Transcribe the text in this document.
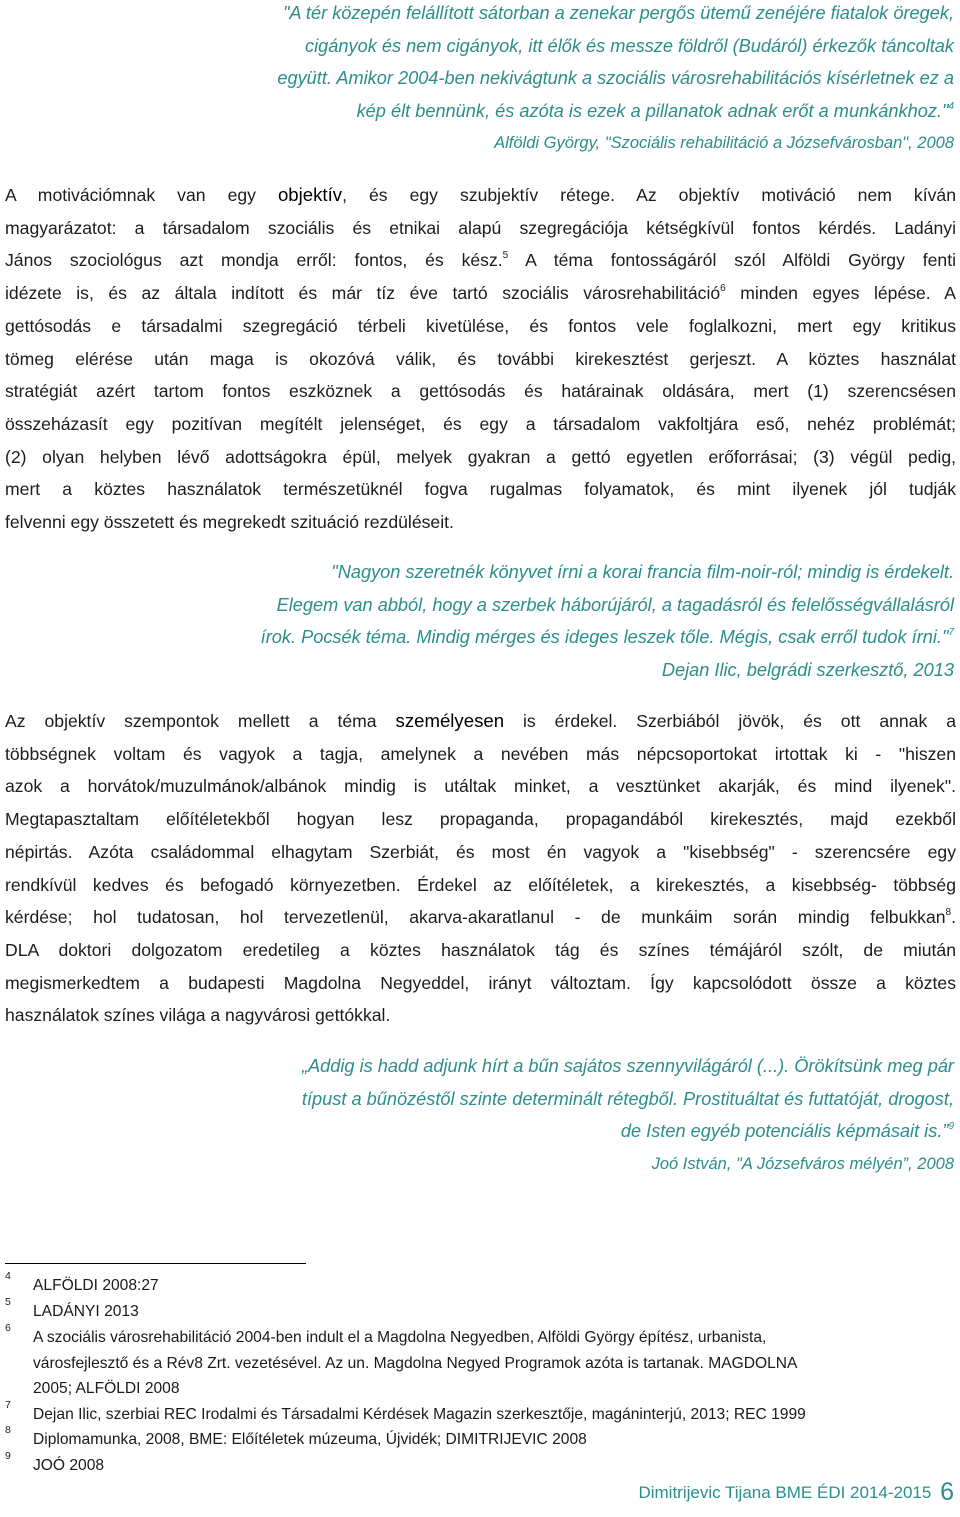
"A tér közepén felállított sátorban a zenekar pergős ütemű zenéjére fiatalok öregek,
cigányok és nem cigányok, itt élők és messze földről (Budáról) érkezők táncoltak
együtt. Amikor 2004-ben nekivágtunk a szociális városrehabilitációs kísérletnek ez a
kép élt bennünk, és azóta is ezek a pillanatok adnak erőt a munkánkhoz."$^4$
Alföldi György, "Szociális rehabilitáció a Józsefvárosban", 2008
A motivációmnak van egy objektív, és egy szubjektív rétege. Az objektív motiváció nem kíván
magyarázatot: a társadalom szociális és etnikai alapú szegregációja kétségkívül fontos kérdés. Ladányi
János szociológus azt mondja erről: fontos, és kész.$^5$ A téma fontosságáról szól Alföldi György fenti
idézete is, és az általa indított és már tíz éve tartó szociális városrehabilitáció$^6$ minden egyes lépése. A
gettósodás e társadalmi szegregáció térbeli kivetülése, és fontos vele foglalkozni, mert egy kritikus
tömeg elérése után maga is okozóvá válik, és további kirekesztést gerjeszt. A köztes használat
stratégiát azért tartom fontos eszköznek a gettósodás és határainak oldására, mert (1) szerencsésen
összeházasít egy pozitívan megítélt jelenséget, és egy a társadalom vakfoltjára eső, nehéz problémát;
(2) olyan helyben lévő adottságokra épül, melyek gyakran a gettó egyetlen erőforrásai; (3) végül pedig,
mert a köztes használatok természetüknél fogva rugalmas folyamatok, és mint ilyenek jól tudják
felvenni egy összetett és megrekedt szituáció rezdüléseit.
"Nagyon szeretnék könyvet írni a korai francia film-noir-ról; mindig is érdekelt.
Elegem van abból, hogy a szerbek háborújáról, a tagadásról és felelősségvállalásról
írok. Pocsék téma. Mindig mérges és ideges leszek tőle. Mégis, csak erről tudok írni."$^7$
Dejan Ilic, belgrádi szerkesztő, 2013
Az objektív szempontok mellett a téma személyesen is érdekel. Szerbiából jövök, és ott annak a
többségnek voltam és vagyok a tagja, amelynek a nevében más népcsoportokat irtottak ki - "hiszen
azok a horvátok/muzulmánok/albánok mindig is utáltak minket, a vesztünket akarják, és mind ilyenek".
Megtapasztaltam előítéletekből hogyan lesz propaganda, propagandából kirekesztés, majd ezekből
népirtás. Azóta családommal elhagytam Szerbiát, és most én vagyok a "kisebbség" - szerencsére egy
rendkívül kedves és befogadó környezetben. Érdekel az előítéletek, a kirekesztés, a kisebbség- többség
kérdése; hol tudatosan, hol tervezetlenül, akarva-akaratlanul - de munkáim során mindig felbukkan$^8$.
DLA doktori dolgozatom eredetileg a köztes használatok tág és színes témájáról szólt, de miután
megismerkedtem a budapesti Magdolna Negyeddel, irányt változtam. Így kapcsolódott össze a köztes
használatok színes világa a nagyvárosi gettókkal.
„Addig is hadd adjunk hírt a bűn sajátos szennyvilágáról (...). Örökítsünk meg pár
típust a bűnözéstől szinte determinált rétegből. Prostituáltat és futtatóját, drogost,
de Isten egyéb potenciális képmásait is.”$^9$
Joó István, "A Józsefváros mélyén”, 2008
4
ALFÖLDI 2008:27
5
LADÁNYI 2013
6
A szociális városrehabilitáció 2004-ben indult el a Magdolna Negyedben, Alföldi György építész, urbanista,
városfejlesztő és a Rév8 Zrt. vezetésével. Az un. Magdolna Negyed Programok azóta is tartanak. MAGDOLNA
2005; ALFÖLDI 2008
7
Dejan Ilic, szerbiai REC Irodalmi és Társadalmi Kérdések Magazin szerkesztője, magáninterjú, 2013; REC 1999
8
Diplomamunka, 2008, BME: Előítéletek múzeuma, Újvidék; DIMITRIJEVIC 2008
9
JOÓ 2008
Dimitrijevic Tijana BME ÉDI 2014-2015 6
